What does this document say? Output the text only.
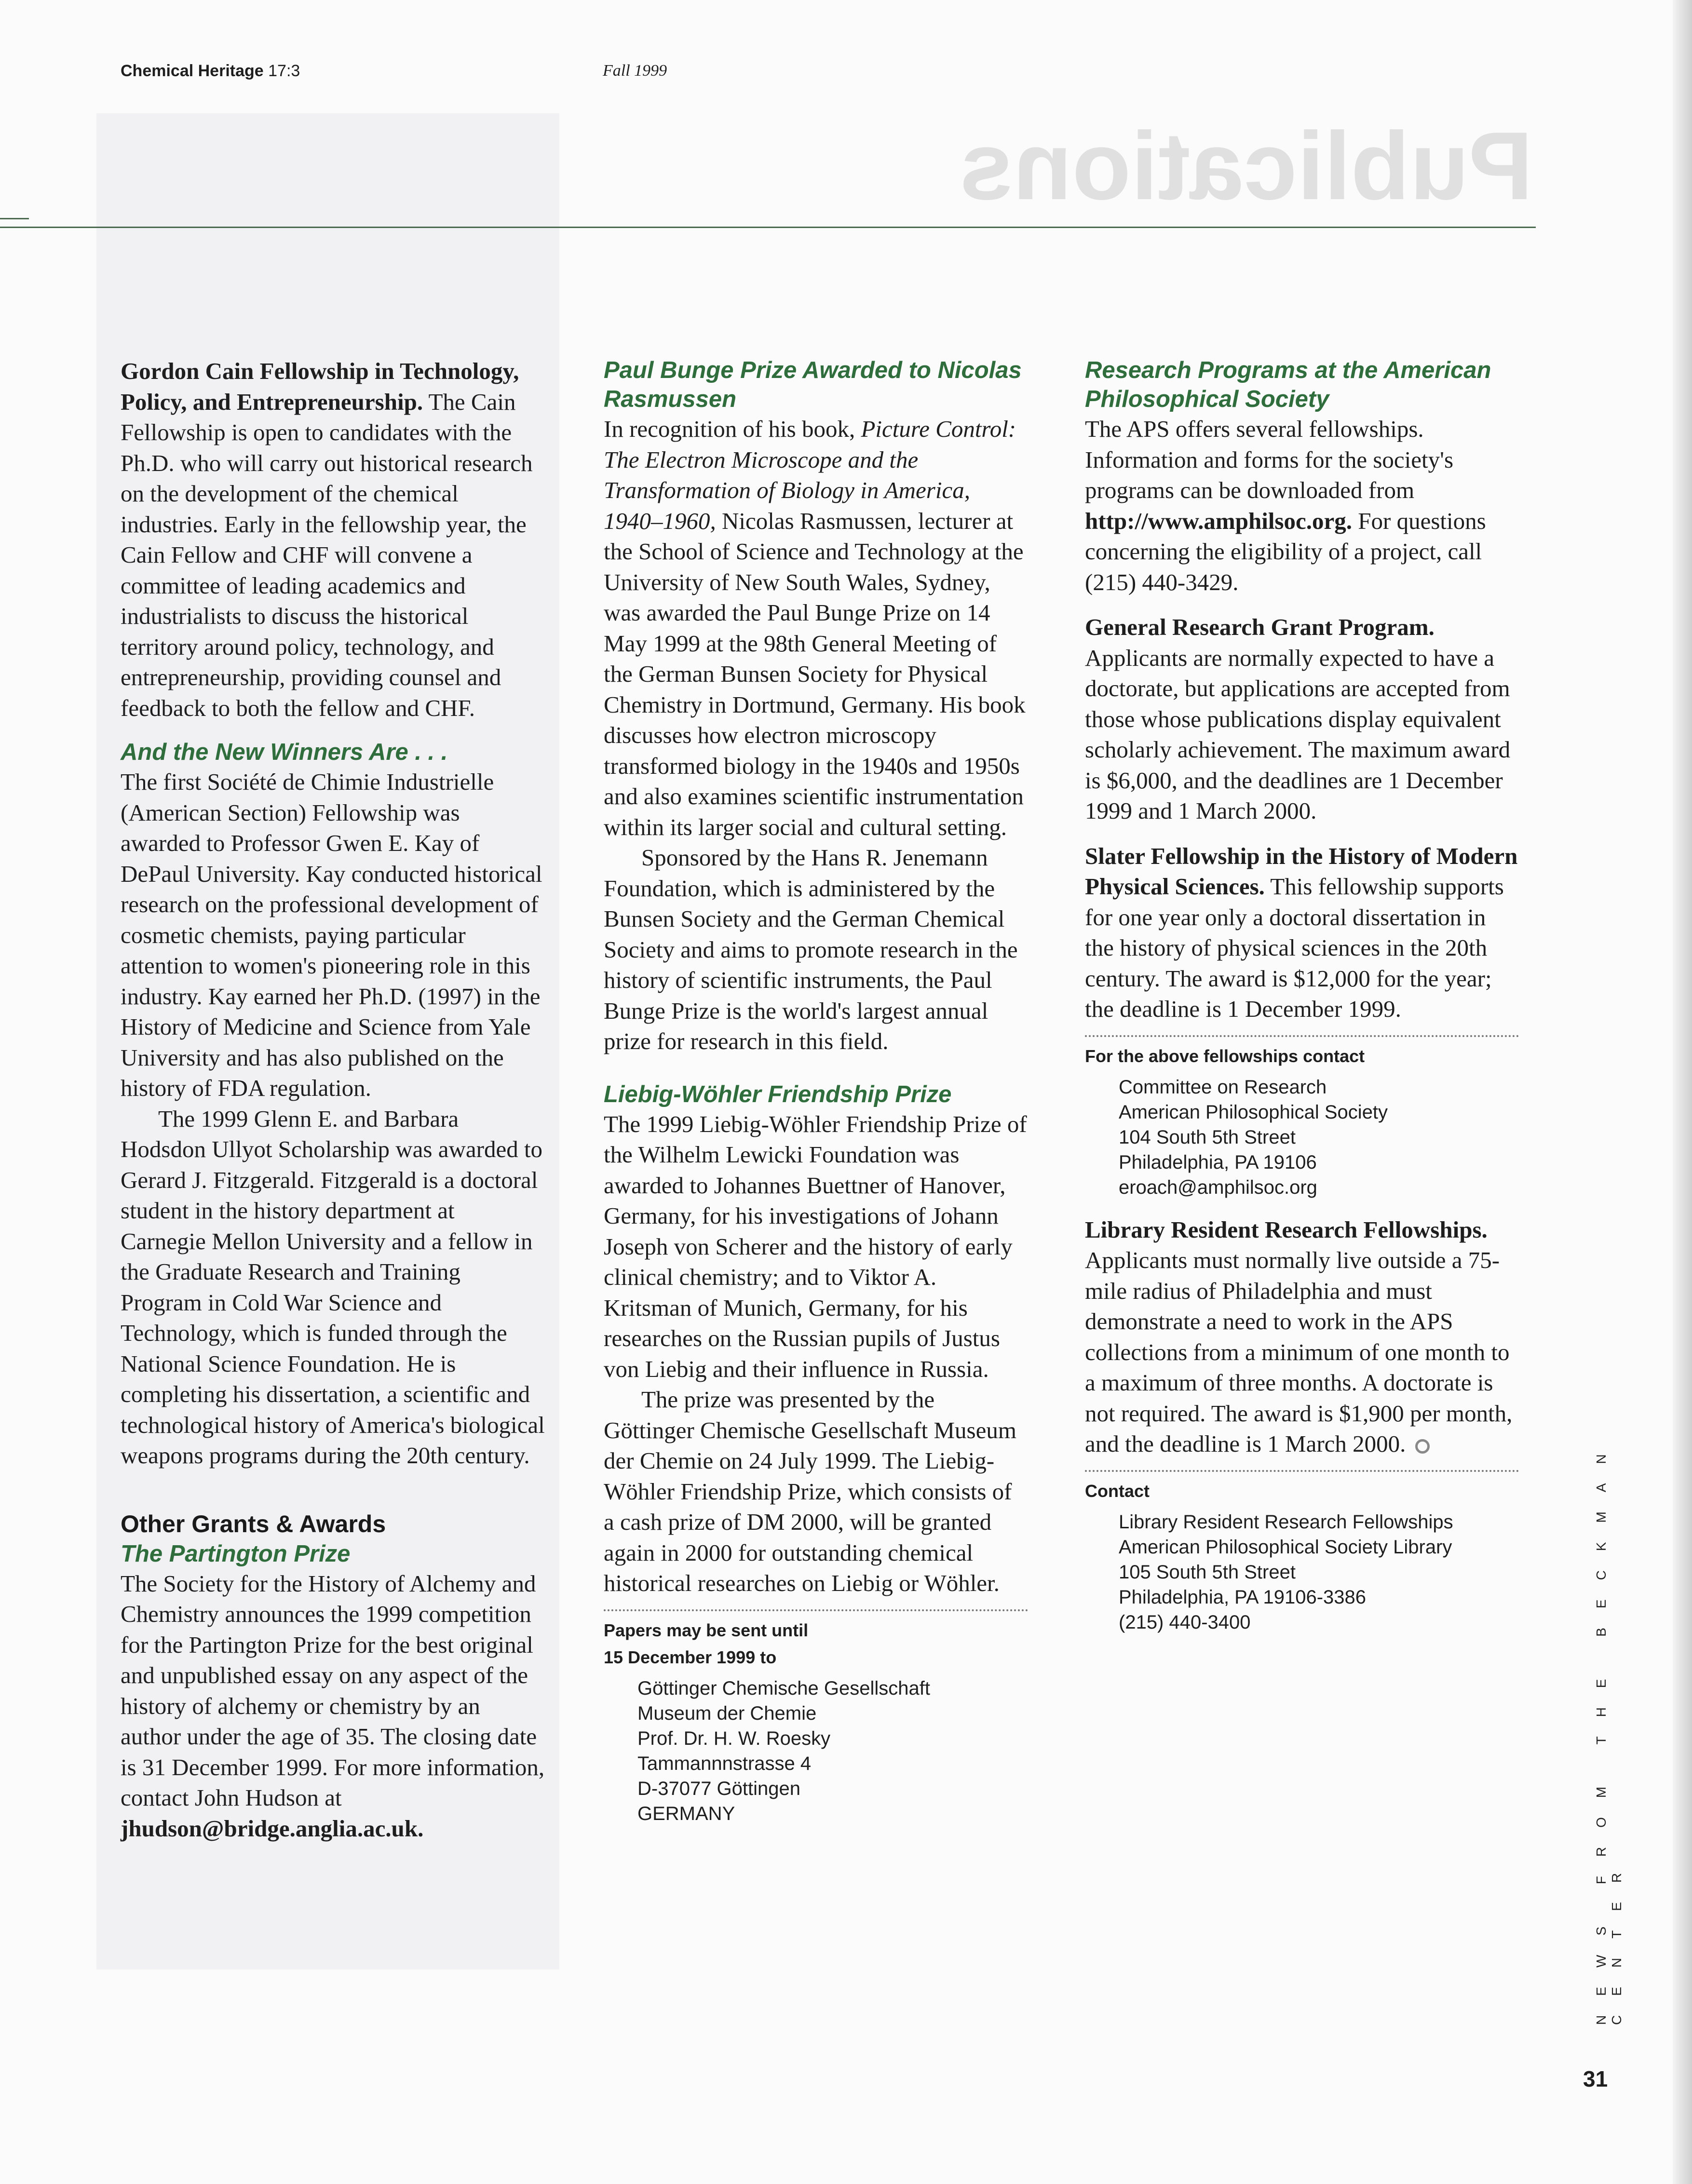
Publications
Chemical Heritage 17:3	Fall 1999

Gordon Cain Fellowship in Technology, Policy, and Entrepreneurship. The Cain Fellowship is open to candidates with the Ph.D. who will carry out historical research on the development of the chemical industries. Early in the fellowship year, the Cain Fellow and CHF will convene a committee of leading academics and industrialists to discuss the historical territory around policy, technology, and entrepreneurship, providing counsel and feedback to both the fellow and CHF.

And the New Winners Are . . .

The first Société de Chimie Industrielle (American Section) Fellowship was awarded to Professor Gwen E. Kay of DePaul University. Kay conducted historical research on the professional development of cosmetic chemists, paying particular attention to women's pioneering role in this industry. Kay earned her Ph.D. (1997) in the History of Medicine and Science from Yale University and has also published on the history of FDA regulation.

The 1999 Glenn E. and Barbara Hodsdon Ullyot Scholarship was awarded to Gerard J. Fitzgerald. Fitzgerald is a doctoral student in the history department at Carnegie Mellon University and a fellow in the Graduate Research and Training Program in Cold War Science and Technology, which is funded through the National Science Foundation. He is completing his dissertation, a scientific and technological history of America's biological weapons programs during the 20th century.

Other Grants & Awards
The Partington Prize

The Society for the History of Alchemy and Chemistry announces the 1999 competition for the Partington Prize for the best original and unpublished essay on any aspect of the history of alchemy or chemistry by an author under the age of 35. The closing date is 31 December 1999. For more information, contact John Hudson at jhudson@bridge.anglia.ac.uk.

Paul Bunge Prize Awarded to Nicolas Rasmussen

In recognition of his book, Picture Control: The Electron Microscope and the Transformation of Biology in America, 1940–1960, Nicolas Rasmussen, lecturer at the School of Science and Technology at the University of New South Wales, Sydney, was awarded the Paul Bunge Prize on 14 May 1999 at the 98th General Meeting of the German Bunsen Society for Physical Chemistry in Dortmund, Germany. His book discusses how electron microscopy transformed biology in the 1940s and 1950s and also examines scientific instrumentation within its larger social and cultural setting.

Sponsored by the Hans R. Jenemann Foundation, which is administered by the Bunsen Society and the German Chemical Society and aims to promote research in the history of scientific instruments, the Paul Bunge Prize is the world's largest annual prize for research in this field.

Liebig-Wöhler Friendship Prize

The 1999 Liebig-Wöhler Friendship Prize of the Wilhelm Lewicki Foundation was awarded to Johannes Buettner of Hanover, Germany, for his investigations of Johann Joseph von Scherer and the history of early clinical chemistry; and to Viktor A. Kritsman of Munich, Germany, for his researches on the Russian pupils of Justus von Liebig and their influence in Russia.

The prize was presented by the Göttinger Chemische Gesellschaft Museum der Chemie on 24 July 1999. The Liebig-Wöhler Friendship Prize, which consists of a cash prize of DM 2000, will be granted again in 2000 for outstanding chemical historical researches on Liebig or Wöhler.

Papers may be sent until
15 December 1999 to
Göttinger Chemische Gesellschaft
Museum der Chemie
Prof. Dr. H. W. Roesky
Tammannnstrasse 4
D-37077 Göttingen
GERMANY
Research Programs at the American Philosophical Society

The APS offers several fellowships. Information and forms for the society's programs can be downloaded from http://www.amphilsoc.org. For questions concerning the eligibility of a project, call (215) 440-3429.

General Research Grant Program. Applicants are normally expected to have a doctorate, but applications are accepted from those whose publications display equivalent scholarly achievement. The maximum award is $6,000, and the deadlines are 1 December 1999 and 1 March 2000.

Slater Fellowship in the History of Modern Physical Sciences. This fellowship supports for one year only a doctoral dissertation in the history of physical sciences in the 20th century. The award is $12,000 for the year; the deadline is 1 December 1999.

For the above fellowships contact
Committee on Research
American Philosophical Society
104 South 5th Street
Philadelphia, PA 19106
eroach@amphilsoc.org

Library Resident Research Fellowships. Applicants must normally live outside a 75-mile radius of Philadelphia and must demonstrate a need to work in the APS collections from a minimum of one month to a maximum of three months. A doctorate is not required. The award is $1,900 per month, and the deadline is 1 March 2000.

Contact
Library Resident Research Fellowships
American Philosophical Society Library
105 South 5th Street
Philadelphia, PA 19106-3386
(215) 440-3400	NEWS FROM THE BECKMAN CENTER
31
